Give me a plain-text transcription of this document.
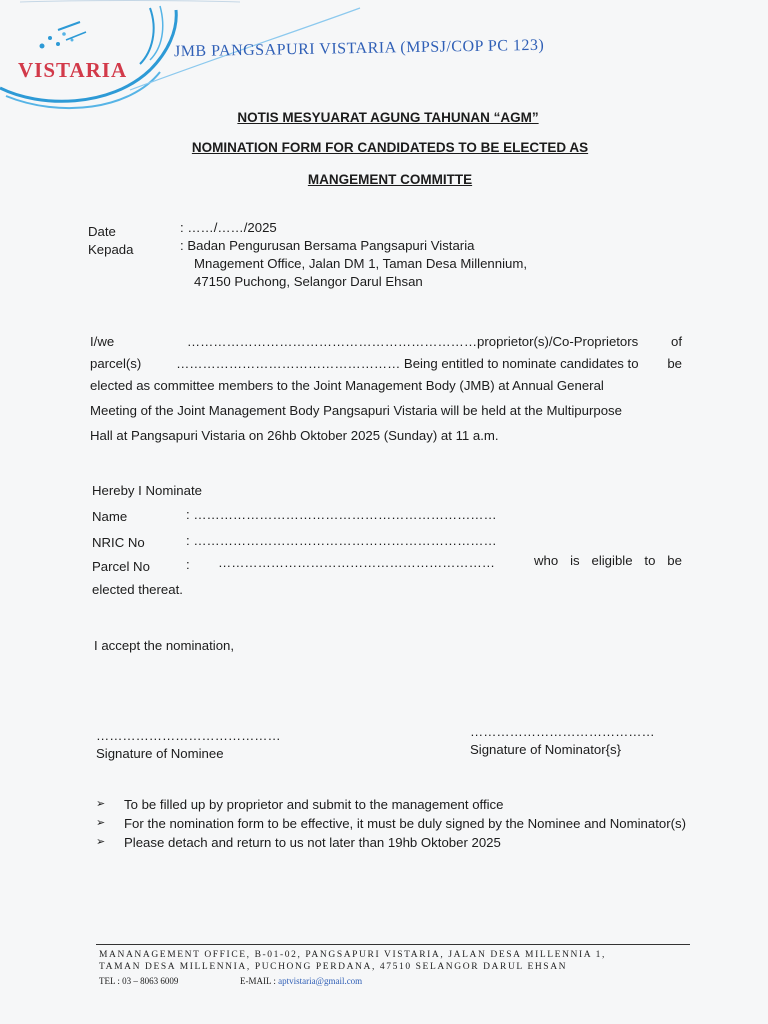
VISTARIA
JMB PANGSAPURI VISTARIA (MPSJ/COP PC 123)
NOTIS MESYUARAT AGUNG TAHUNAN “AGM”
NOMINATION FORM FOR CANDIDATEDS TO BE ELECTED AS
MANGEMENT COMMITTE
Date	: ……/……/2025
Kepada	: Badan Pengurusan Bersama Pangsapuri Vistaria
Mnagement Office, Jalan DM 1, Taman Desa Millennium,
47150 Puchong, Selangor Darul Ehsan
I/we	…………………………………………………………proprietor(s)/Co-Proprietors of
parcel(s)	…………………………………………… Being entitled to nominate candidates to be
elected as committee members to the Joint Management Body (JMB) at Annual General
Meeting of the Joint Management Body Pangsapuri Vistaria will be held at the Multipurpose
Hall at Pangsapuri Vistaria on 26hb Oktober 2025 (Sunday) at 11 a.m.
Hereby I Nominate
Name	: ……………………………………………………………
NRIC No	: ……………………………………………………………
Parcel No	: ………………………………………………………	who is eligible to be
elected thereat.
I accept the nomination,
……………………………………
Signature of Nominee
……………………………………
Signature of Nominator{s}
➢	To be filled up by proprietor and submit to the management office
➢	For the nomination form to be effective, it must be duly signed by the Nominee and Nominator(s)
➢	Please detach and return to us not later than 19hb Oktober 2025
MANANAGEMENT OFFICE, B-01-02, PANGSAPURI VISTARIA, JALAN DESA MILLENNIA 1,
TAMAN DESA MILLENNIA, PUCHONG PERDANA, 47510 SELANGOR DARUL EHSAN
TEL : 03 – 8063 6009	E-MAIL : aptvistaria@gmail.com
